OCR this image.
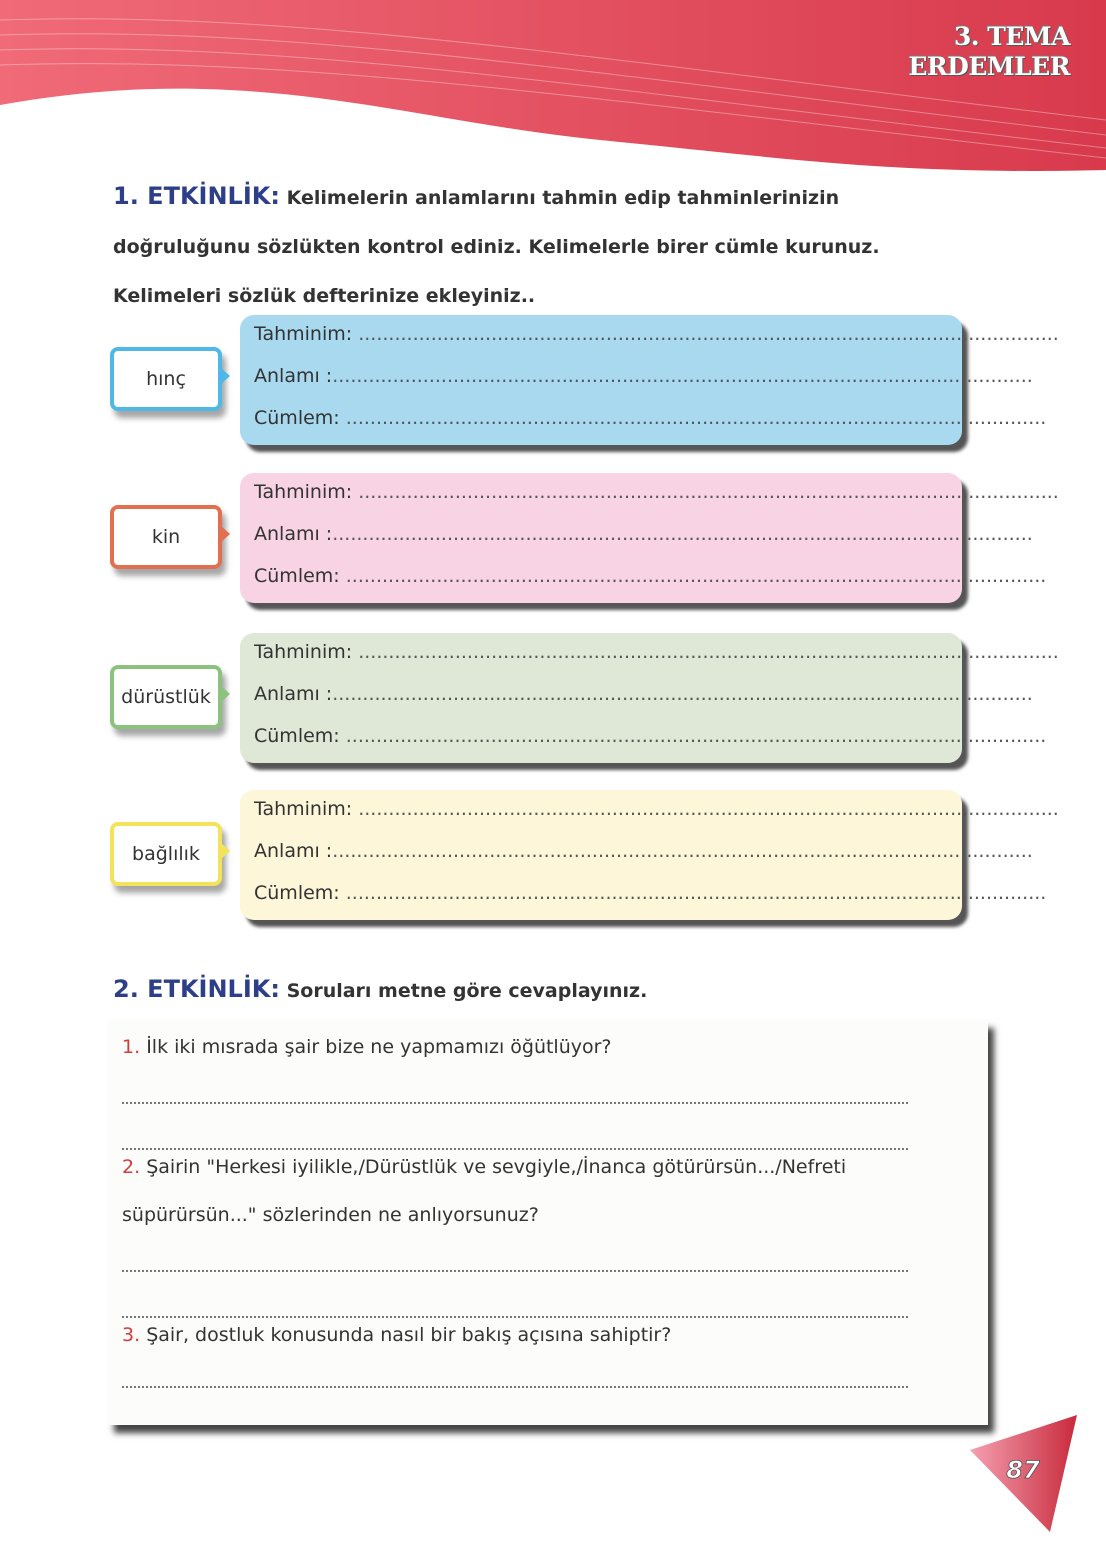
3. TEMA
ERDEMLER
1. ETKİNLİK: Kelimelerin anlamlarını tahmin edip tahminlerinizin doğruluğunu sözlükten kontrol ediniz. Kelimelerle birer cümle kurunuz. Kelimeleri sözlük defterinize ekleyiniz..
hınç
Tahminim: ....................................................................................................................
Anlamı :....................................................................................................................
Cümlem: ....................................................................................................................
kin
Tahminim: ....................................................................................................................
Anlamı :....................................................................................................................
Cümlem: ....................................................................................................................
dürüstlük
Tahminim: ....................................................................................................................
Anlamı :....................................................................................................................
Cümlem: ....................................................................................................................
bağlılık
Tahminim: ....................................................................................................................
Anlamı :....................................................................................................................
Cümlem: ....................................................................................................................
2. ETKİNLİK: Soruları metne göre cevaplayınız.
1. İlk iki mısrada şair bize ne yapmamızı öğütlüyor?
2. Şairin "Herkesi iyilikle,/Dürüstlük ve sevgiyle,/İnanca götürürsün.../Nefreti
süpürürsün..." sözlerinden ne anlıyorsunuz?
3. Şair, dostluk konusunda nasıl bir bakış açısına sahiptir?
87
